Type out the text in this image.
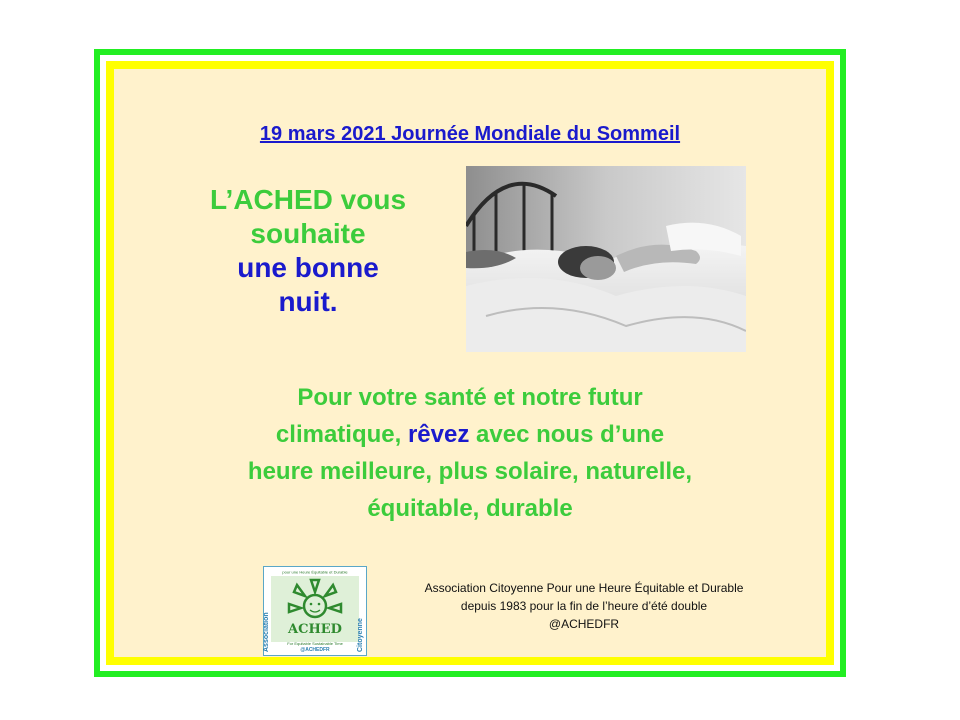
19 mars 2021 Journée Mondiale du Sommeil
L’ACHED vous
souhaite
une bonne
nuit.
Pour votre santé et notre futur
climatique, rêvez avec nous d’une
heure meilleure, plus solaire, naturelle,
équitable, durable
pour une Heure Équitable et Durable
Association	Citoyenne
ACHED
For Equitable Sustainable Time
@ACHEDFR
Association Citoyenne Pour une Heure Équitable et Durable
depuis 1983 pour la fin de l’heure d’été double
@ACHEDFR
